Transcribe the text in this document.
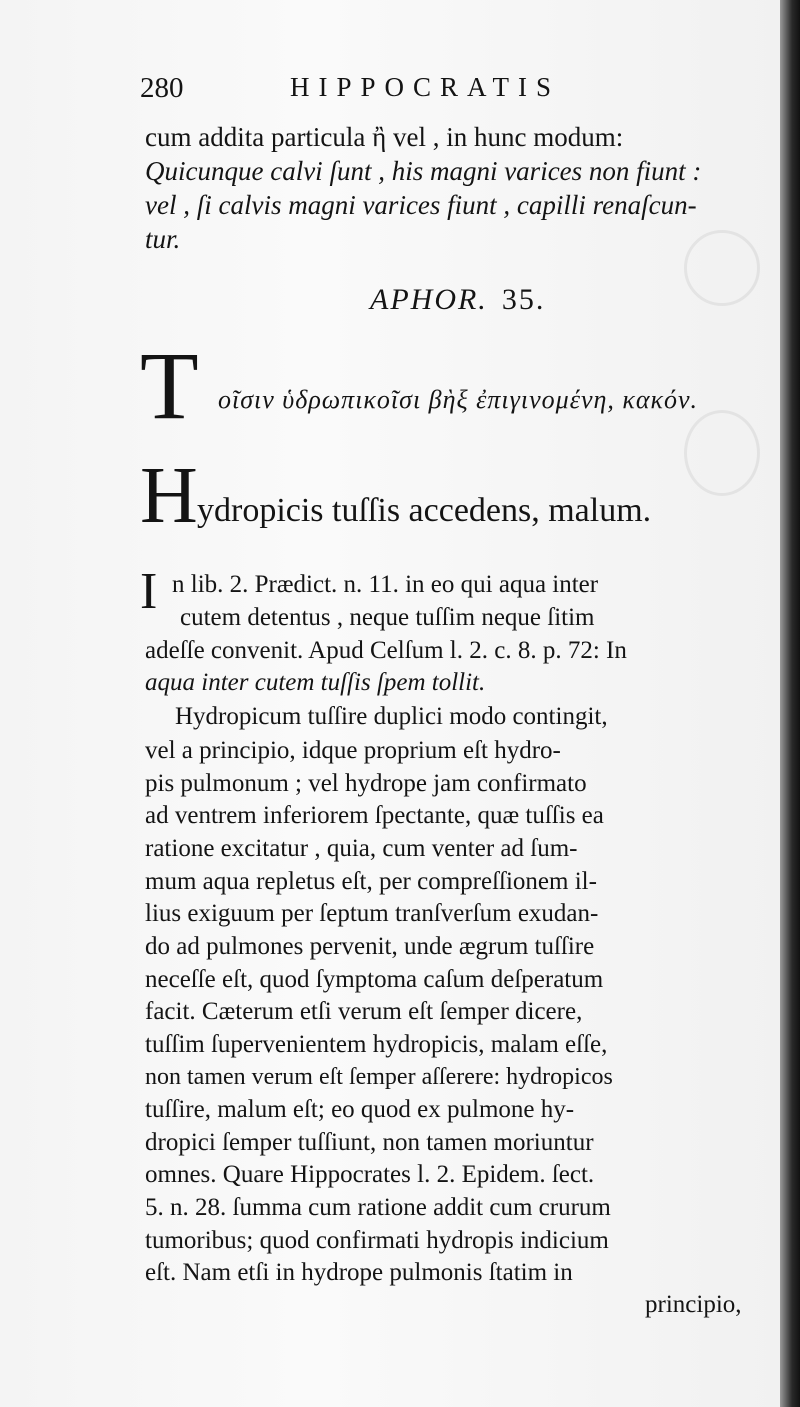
280	HIPPOCRATIS
cum addita particula ἢ vel , in hunc modum:
Quicunque calvi ſunt , his magni varices non fiunt :
vel , ſi calvis magni varices fiunt , capilli renaſcun-
tur.
APHOR. 35.
T οῖσιν ὑδρωπικοῖσι βὴξ ἐπιγινομένη, κακόν.
H ydropicis tuſſis accedens, malum.
I n lib. 2. Prædict. n. 11. in eo qui aqua inter
cutem detentus , neque tuſſim neque ſitim
adeſſe convenit. Apud Celſum l. 2. c. 8. p. 72: In
aqua inter cutem tuſſis ſpem tollit.
Hydropicum tuſſire duplici modo contingit,
vel a principio, idque proprium eſt hydro-
pis pulmonum ; vel hydrope jam confirmato
ad ventrem inferiorem ſpectante, quæ tuſſis ea
ratione excitatur , quia, cum venter ad ſum-
mum aqua repletus eſt, per compreſſionem il-
lius exiguum per ſeptum tranſverſum exudan-
do ad pulmones pervenit, unde ægrum tuſſire
neceſſe eſt, quod ſymptoma caſum deſperatum
facit. Cæterum etſi verum eſt ſemper dicere,
tuſſim ſupervenientem hydropicis, malam eſſe,
non tamen verum eſt ſemper aſſerere: hydropicos
tuſſire, malum eſt; eo quod ex pulmone hy-
dropici ſemper tuſſiunt, non tamen moriuntur
omnes. Quare Hippocrates l. 2. Epidem. ſect.
5. n. 28. ſumma cum ratione addit cum crurum
tumoribus; quod confirmati hydropis indicium
eſt. Nam etſi in hydrope pulmonis ſtatim in
principio,
